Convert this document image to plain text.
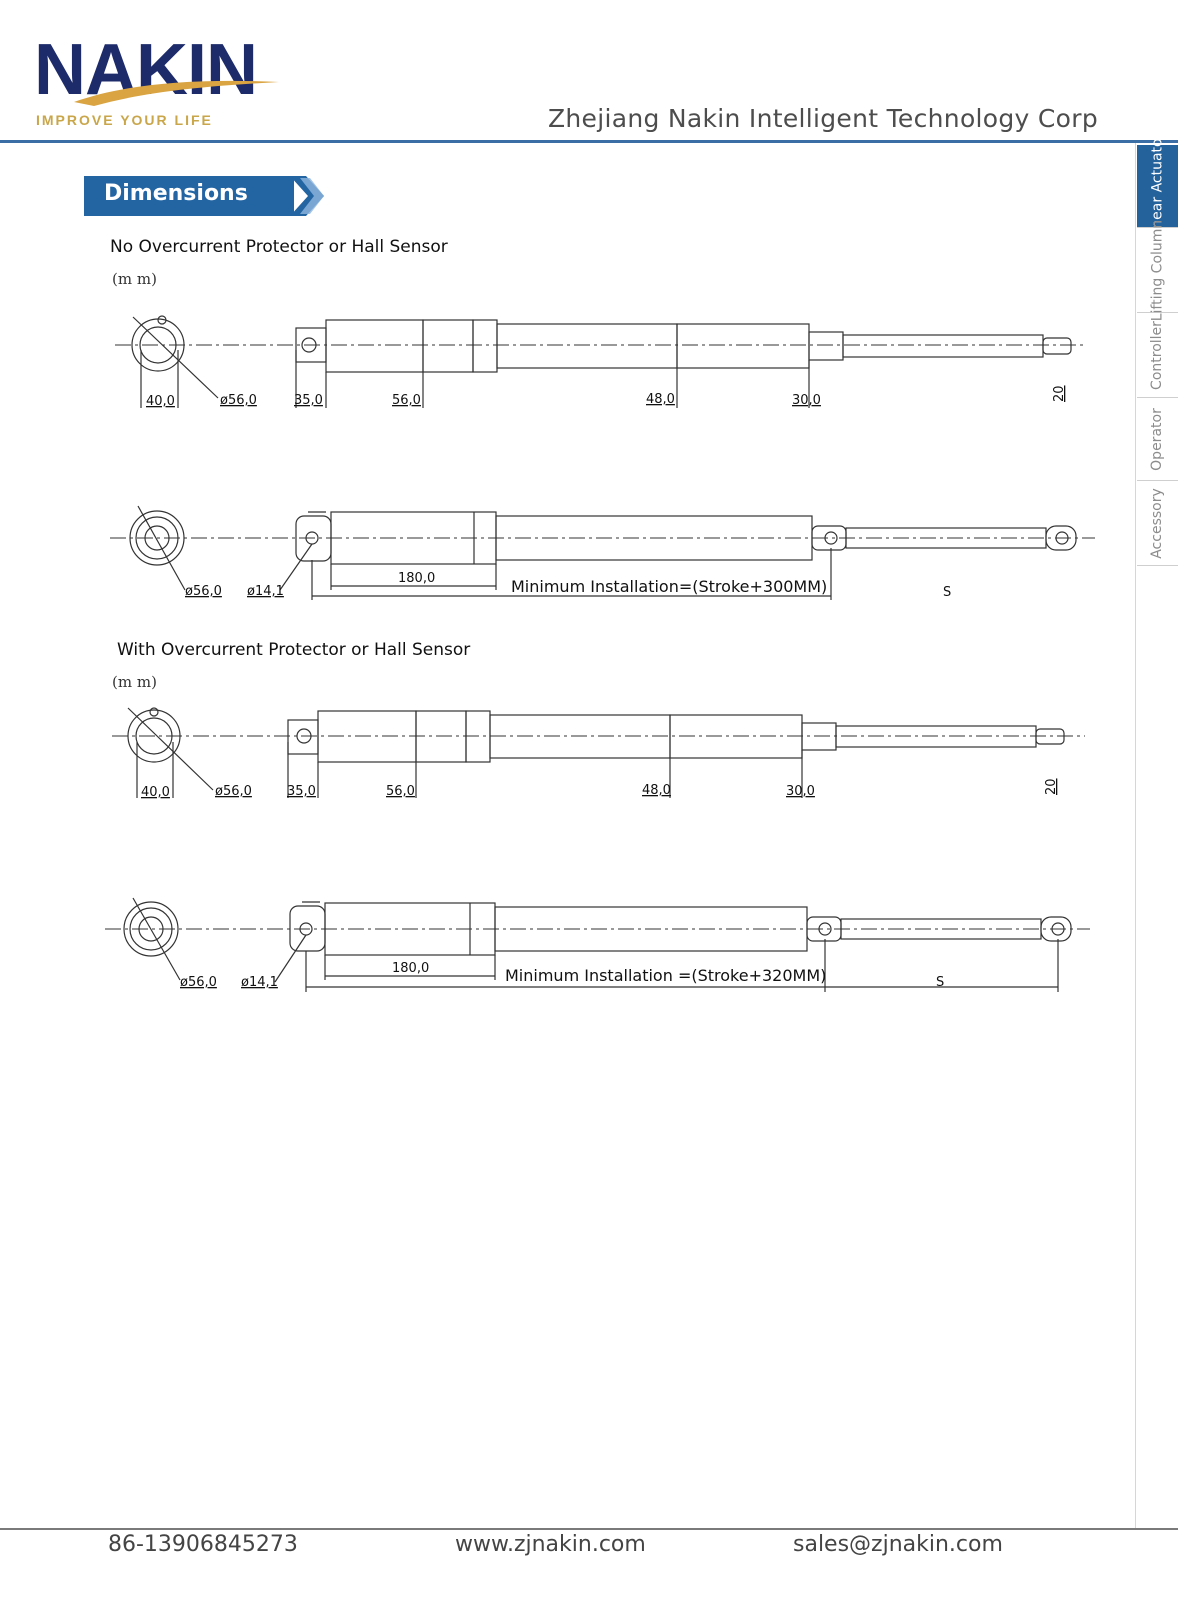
NAKIN
IMPROVE YOUR LIFE	Zhejiang Nakin Intelligent Technology Corp
Linear Actuator
Lifting Column
Controller
Operator
Accessory
Dimensions
No Overcurrent Protector or Hall Sensor
(m m)
40,0	ø56,0	35,0	56,0	48,0	30,0	20
ø56,0 ø14,1
180,0	Minimum Installation=(Stroke+300MM)	S
With Overcurrent Protector or Hall Sensor
(m m)
40,0	ø56,0	35,0	56,0	48,0	30,0	20
ø56,0 ø14,1
180,0	Minimum Installation =(Stroke+320MM)	S
86-13906845273	www.zjnakin.com	sales@zjnakin.com
